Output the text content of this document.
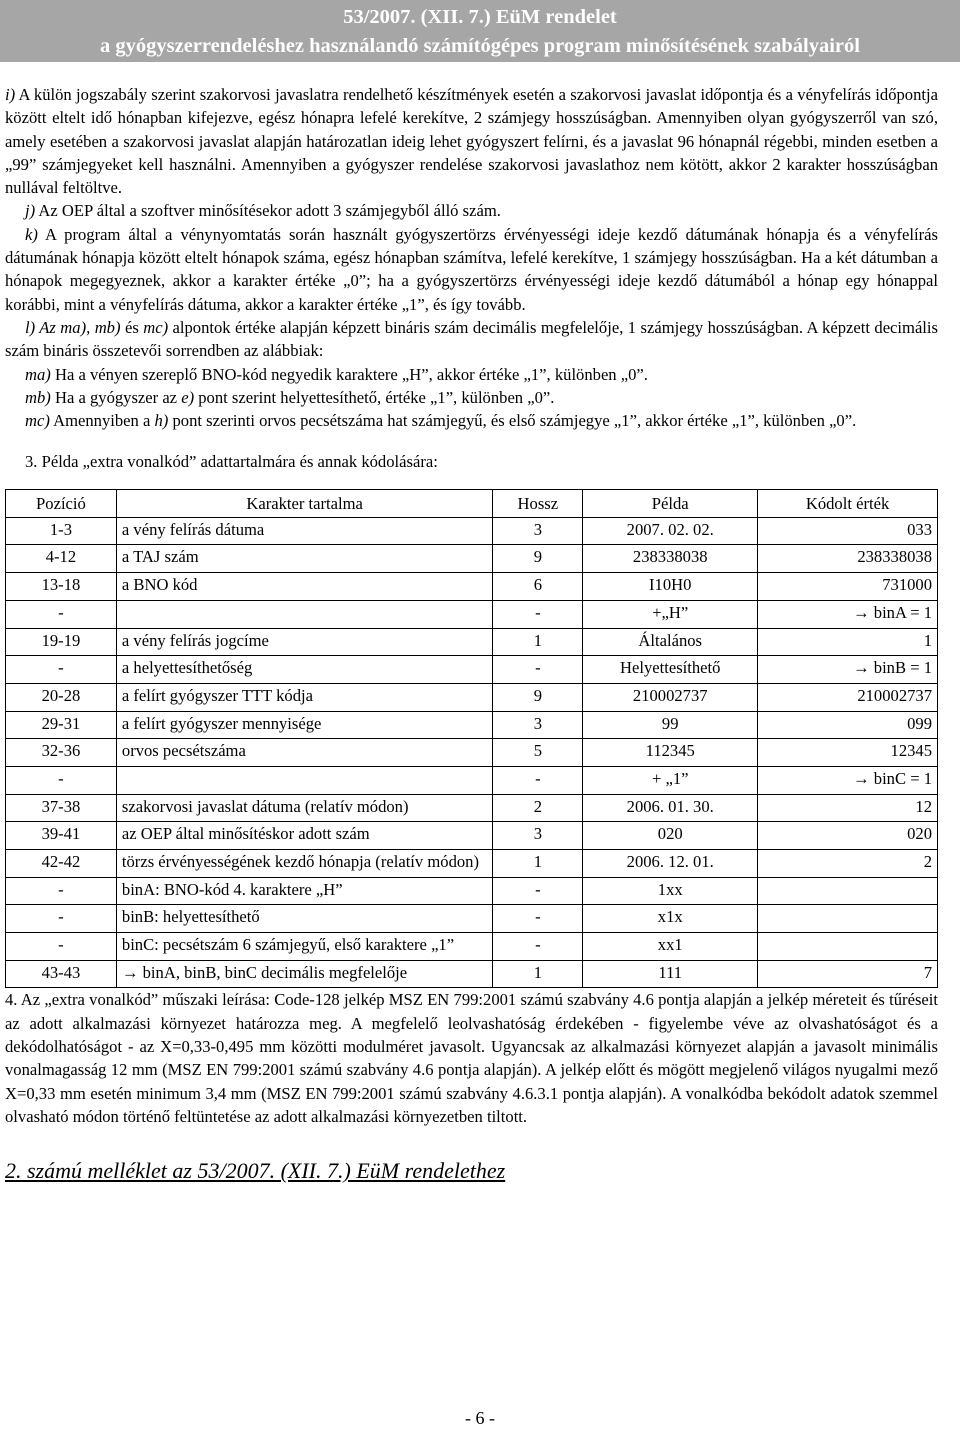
53/2007. (XII. 7.) EüM rendelet
a gyógyszerrendeléshez használandó számítógépes program minősítésének szabályairól

i) A külön jogszabály szerint szakorvosi javaslatra rendelhető készítmények esetén a szakorvosi javaslat időpontja és a vényfelírás időpontja között eltelt idő hónapban kifejezve, egész hónapra lefelé kerekítve, 2 számjegy hosszúságban. Amennyiben olyan gyógyszerről van szó, amely esetében a szakorvosi javaslat alapján határozatlan ideig lehet gyógyszert felírni, és a javaslat 96 hónapnál régebbi, minden esetben a „99” számjegyeket kell használni. Amennyiben a gyógyszer rendelése szakorvosi javaslathoz nem kötött, akkor 2 karakter hosszúságban nullával feltöltve.

j) Az OEP által a szoftver minősítésekor adott 3 számjegyből álló szám.

k) A program által a vénynyomtatás során használt gyógyszertörzs érvényességi ideje kezdő dátumának hónapja és a vényfelírás dátumának hónapja között eltelt hónapok száma, egész hónapban számítva, lefelé kerekítve, 1 számjegy hosszúságban. Ha a két dátumban a hónapok megegyeznek, akkor a karakter értéke „0”; ha a gyógyszertörzs érvényességi ideje kezdő dátumából a hónap egy hónappal korábbi, mint a vényfelírás dátuma, akkor a karakter értéke „1”, és így tovább.

l) Az ma), mb) és mc) alpontok értéke alapján képzett bináris szám decimális megfelelője, 1 számjegy hosszúságban. A képzett decimális szám bináris összetevői sorrendben az alábbiak:

ma) Ha a vényen szereplő BNO-kód negyedik karaktere „H”, akkor értéke „1”, különben „0”.

mb) Ha a gyógyszer az e) pont szerint helyettesíthető, értéke „1”, különben „0”.

mc) Amennyiben a h) pont szerinti orvos pecsétszáma hat számjegyű, és első számjegye „1”, akkor értéke „1”, különben „0”.

3. Példa „extra vonalkód” adattartalmára és annak kódolására:

Pozíció	Karakter tartalma	Hossz	Példa	Kódolt érték
1-3	a vény felírás dátuma	3	2007. 02. 02.	033
4-12	a TAJ szám	9	238338038	238338038
13-18	a BNO kód	6	I10H0	731000
-		-	+„H”	→ binA = 1
19-19	a vény felírás jogcíme	1	Általános	1
-	a helyettesíthetőség	-	Helyettesíthető	→ binB = 1
20-28	a felírt gyógyszer TTT kódja	9	210002737	210002737
29-31	a felírt gyógyszer mennyisége	3	99	099
32-36	orvos pecsétszáma	5	112345	12345
-		-	+ „1”	→ binC = 1
37-38	szakorvosi javaslat dátuma (relatív módon)	2	2006. 01. 30.	12
39-41	az OEP által minősítéskor adott szám	3	020	020
42-42	törzs érvényességének kezdő hónapja (relatív módon)	1	2006. 12. 01.	2
-	binA: BNO-kód 4. karaktere „H”	-	1xx	
-	binB: helyettesíthető	-	x1x	
-	binC: pecsétszám 6 számjegyű, első karaktere „1”	-	xx1	
43-43	→ binA, binB, binC decimális megfelelője	1	111	7

4. Az „extra vonalkód” műszaki leírása: Code-128 jelkép MSZ EN 799:2001 számú szabvány 4.6 pontja alapján a jelkép méreteit és tűréseit az adott alkalmazási környezet határozza meg. A megfelelő leolvashatóság érdekében - figyelembe véve az olvashatóságot és a dekódolhatóságot - az X=0,33-0,495 mm közötti modulméret javasolt. Ugyancsak az alkalmazási környezet alapján a javasolt minimális vonalmagasság 12 mm (MSZ EN 799:2001 számú szabvány 4.6 pontja alapján). A jelkép előtt és mögött megjelenő világos nyugalmi mező X=0,33 mm esetén minimum 3,4 mm (MSZ EN 799:2001 számú szabvány 4.6.3.1 pontja alapján). A vonalkódba bekódolt adatok szemmel olvasható módon történő feltüntetése az adott alkalmazási környezetben tiltott.

2. számú melléklet az 53/2007. (XII. 7.) EüM rendelethez
- 6 -
